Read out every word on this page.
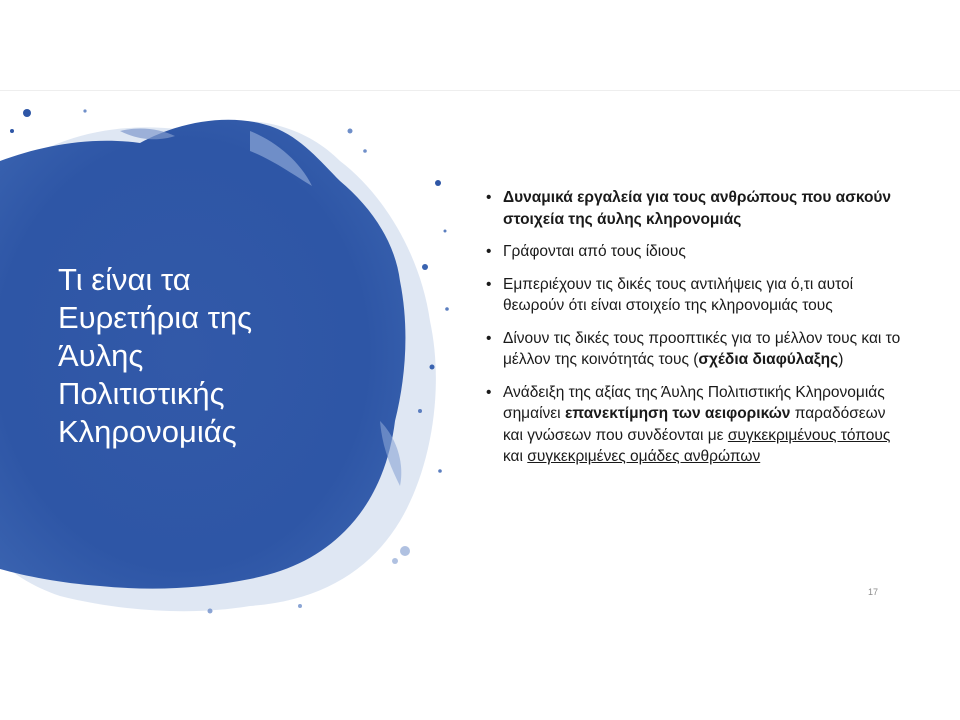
Τι είναι τα
Ευρετήρια της
Άυλης
Πολιτιστικής
Κληρονομιάς
• Δυναμικά εργαλεία για τους ανθρώπους που ασκούν στοιχεία της άυλης κληρονομιάς
• Γράφονται από τους ίδιους
• Εμπεριέχουν τις δικές τους αντιλήψεις για ό,τι αυτοί θεωρούν ότι είναι στοιχείο της κληρονομιάς τους
• Δίνουν τις δικές τους προοπτικές για το μέλλον τους και το μέλλον της κοινότητάς τους (σχέδια διαφύλαξης)
• Ανάδειξη της αξίας της Άυλης Πολιτιστικής Κληρονομιάς σημαίνει επανεκτίμηση των αειφορικών παραδόσεων και γνώσεων που συνδέονται με συγκεκριμένους τόπους και συγκεκριμένες ομάδες ανθρώπων
17
